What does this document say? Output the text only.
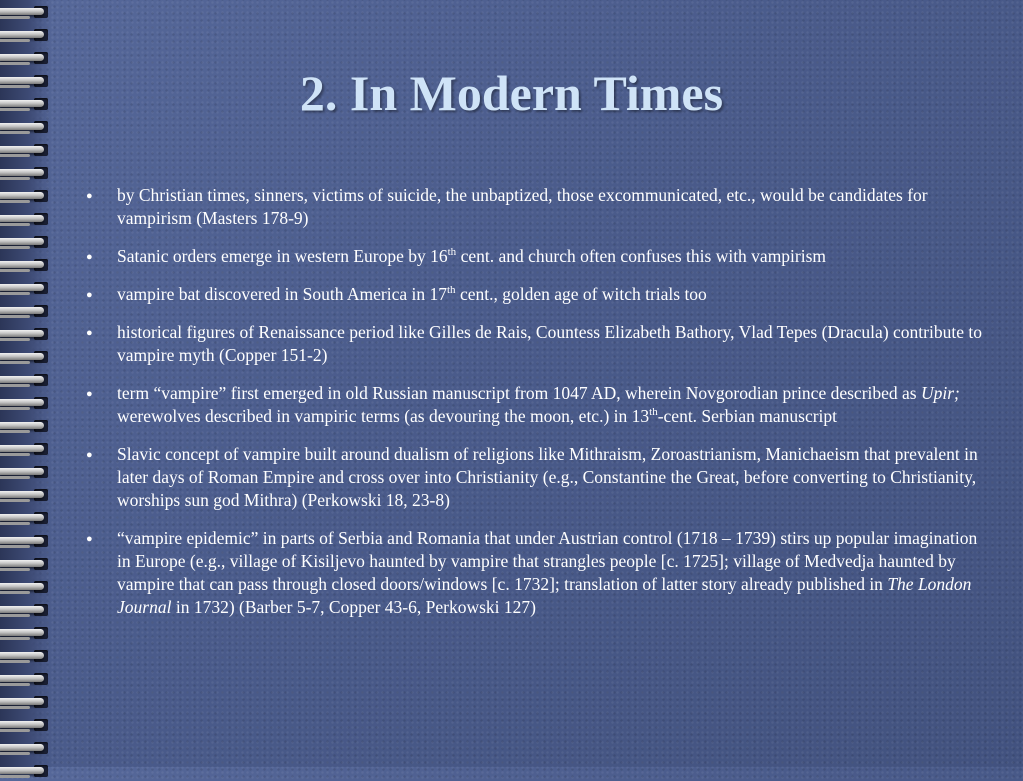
2. In Modern Times
● by Christian times, sinners, victims of suicide, the unbaptized, those excommunicated, etc., would be candidates for vampirism (Masters 178-9)
● Satanic orders emerge in western Europe by 16th cent. and church often confuses this with vampirism
● vampire bat discovered in South America in 17th cent., golden age of witch trials too
● historical figures of Renaissance period like Gilles de Rais, Countess Elizabeth Bathory, Vlad Tepes (Dracula) contribute to vampire myth (Copper 151-2)
● term “vampire” first emerged in old Russian manuscript from 1047 AD, wherein Novgorodian prince described as Upir; werewolves described in vampiric terms (as devouring the moon, etc.) in 13th-cent. Serbian manuscript
● Slavic concept of vampire built around dualism of religions like Mithraism, Zoroastrianism, Manichaeism that prevalent in later days of Roman Empire and cross over into Christianity (e.g., Constantine the Great, before converting to Christianity, worships sun god Mithra) (Perkowski 18, 23-8)
● “vampire epidemic” in parts of Serbia and Romania that under Austrian control (1718 – 1739) stirs up popular imagination in Europe (e.g., village of Kisiljevo haunted by vampire that strangles people [c. 1725]; village of Medvedja haunted by vampire that can pass through closed doors/windows [c. 1732]; translation of latter story already published in The London Journal in 1732) (Barber 5-7, Copper 43-6, Perkowski 127)
